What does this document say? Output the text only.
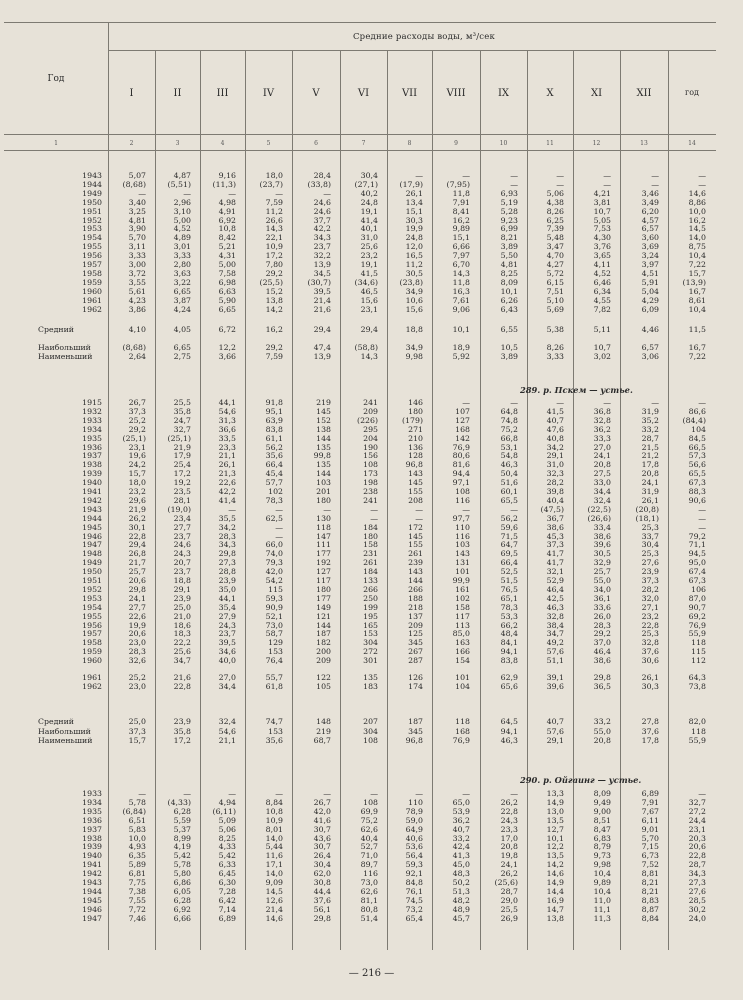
Средние расходы воды, м³/сек
Год
I	II	III	IV	V	VI	VII	VIII	IX	X	XI	XII	год
1	2	3	4	5	6	7	8	9	10	11	12	13	14
1943	5,07	4,87	9,16	18,0	28,4	30,4	—	—	—	—	—	—	—
1944	(8,68)	(5,51)	(11,3)	(23,7)	(33,8)	(27,1)	(17,9)	(7,95)	—	—	—	—	—
1949	—	—	—	—	—	40,2	26,1	11,8	6,93	5,06	4,21	3,46	14,6
1950	3,40	2,96	4,98	7,59	24,6	24,8	13,4	7,91	5,19	4,38	3,81	3,49	8,86
1951	3,25	3,10	4,91	11,2	24,6	19,1	15,1	8,41	5,28	8,26	10,7	6,20	10,0
1952	4,81	5,00	6,92	26,6	37,7	41,4	30,3	16,2	9,23	6,25	5,05	4,57	16,2
1953	3,90	4,52	10,8	14,3	42,2	40,1	19,9	9,89	6,99	7,39	7,53	6,57	14,5
1954	5,70	4,89	8,42	22,1	34,3	31,0	24,8	15,1	8,21	5,48	4,30	3,60	14,0
1955	3,11	3,01	5,21	10,9	23,7	25,6	12,0	6,66	3,89	3,47	3,76	3,69	8,75
1956	3,33	3,33	4,31	17,2	32,2	23,2	16,5	7,97	5,50	4,70	3,65	3,24	10,4
1957	3,00	2,80	5,00	7,80	13,9	19,1	11,2	6,70	4,81	4,27	4,11	3,97	7,22
1958	3,72	3,63	7,58	29,2	34,5	41,5	30,5	14,3	8,25	5,72	4,52	4,51	15,7
1959	3,55	3,22	6,98	(25,5)	(30,7)	(34,6)	(23,8)	11,8	8,09	6,15	6,46	5,91	(13,9)
1960	5,61	6,65	6,63	15,2	39,5	46,5	34,9	16,3	10,1	7,51	6,34	5,04	16,7
1961	4,23	3,87	5,90	13,8	21,4	15,6	10,6	7,61	6,26	5,10	4,55	4,29	8,61
1962	3,86	4,24	6,65	14,2	21,6	23,1	15,6	9,06	6,43	5,69	7,82	6,09	10,4
Средний	4,10	4,05	6,72	16,2	29,4	29,4	18,8	10,1	6,55	5,38	5,11	4,46	11,5
Наибольший	(8,68)	6,65	12,2	29,2	47,4	(58,8)	34,9	18,9	10,5	8,26	10,7	6,57	16,7
Наименьший	2,64	2,75	3,66	7,59	13,9	14,3	9,98	5,92	3,89	3,33	3,02	3,06	7,22
289. р. Пскем — устье.
1915	26,7	25,5	44,1	91,8	219	241	146	—	—	—	—	—	—
1932	37,3	35,8	54,6	95,1	145	209	180	107	64,8	41,5	36,8	31,9	86,6
1933	25,2	24,7	31,3	63,9	152	(226)	(179)	127	74,8	40,7	32,8	35,2	(84,4)
1934	29,2	32,7	36,6	83,8	138	295	271	168	75,2	47,6	36,2	33,2	104
1935	(25,1)	(25,1)	33,5	61,1	144	204	210	142	66,8	40,8	33,3	28,7	84,5
1936	23,1	21,9	23,3	56,2	135	190	136	76,9	53,1	34,2	27,0	21,5	66,5
1937	19,6	17,9	21,1	35,6	99,8	156	128	80,6	54,8	29,1	24,1	21,2	57,3
1938	24,2	25,4	26,1	66,4	135	108	96,8	81,6	46,3	31,0	20,8	17,8	56,6
1939	15,7	17,2	21,3	45,4	144	173	143	94,4	50,4	32,3	27,5	20,8	65,5
1940	18,0	19,2	22,6	57,7	103	198	145	97,1	51,6	28,2	33,0	24,1	67,3
1941	23,2	23,5	42,2	102	201	238	155	108	60,1	39,8	34,4	31,9	88,3
1942	29,6	28,1	41,4	78,3	180	241	208	116	65,5	40,4	32,4	26,1	90,6
1943	21,9	(19,0)	—	—	—	—	—	—	—	(47,5)	(22,5)	(20,8)	—
1944	26,2	23,4	35,5	62,5	130	—	—	97,7	56,2	36,7	(26,6)	(18,1)	—
1945	30,1	27,7	34,2	—	118	184	172	110	59,6	38,6	33,4	25,3	—
1946	22,8	23,7	28,3	—	147	180	145	116	71,5	45,3	38,6	33,7	79,2
1947	29,4	24,6	34,3	66,0	111	158	155	103	64,7	37,3	39,6	30,4	71,1
1948	26,8	24,3	29,8	74,0	177	231	261	143	69,5	41,7	30,5	25,3	94,5
1949	21,7	20,7	27,3	79,3	192	261	239	131	66,4	41,7	32,9	27,6	95,0
1950	25,7	23,7	28,8	42,0	127	184	143	101	52,5	32,1	25,7	23,9	67,4
1951	20,6	18,8	23,9	54,2	117	133	144	99,9	51,5	52,9	55,0	37,3	67,3
1952	29,8	29,1	35,0	115	180	266	266	161	76,5	46,4	34,0	28,2	106
1953	24,1	23,9	44,1	59,3	177	250	188	102	65,1	42,5	36,1	32,0	87,0
1954	27,7	25,0	35,4	90,9	149	199	218	158	78,3	46,3	33,6	27,1	90,7
1955	22,6	21,0	27,9	52,1	121	195	137	117	53,3	32,8	26,0	23,2	69,2
1956	19,9	18,6	24,3	73,0	144	165	209	113	66,2	38,4	28,3	22,8	76,9
1957	20,6	18,3	23,7	58,7	187	153	125	85,0	48,4	34,7	29,2	25,3	55,9
1958	23,0	22,2	39,5	129	182	304	345	163	84,1	49,2	37,0	32,8	118
1959	28,3	25,6	34,6	153	200	272	267	166	94,1	57,6	46,4	37,6	115
1960	32,6	34,7	40,0	76,4	209	301	287	154	83,8	51,1	38,6	30,6	112
1961	25,2	21,6	27,0	55,7	122	135	126	101	62,9	39,1	29,8	26,1	64,3
1962	23,0	22,8	34,4	61,8	105	183	174	104	65,6	39,6	36,5	30,3	73,8
Средний	25,0	23,9	32,4	74,7	148	207	187	118	64,5	40,7	33,2	27,8	82,0
Наибольший	37,3	35,8	54,6	153	219	304	345	168	94,1	57,6	55,0	37,6	118
Наименьший	15,7	17,2	21,1	35,6	68,7	108	96,8	76,9	46,3	29,1	20,8	17,8	55,9
290. р. Ойгаинг — устье.
1933	—	—	—	—	—	—	—	—	—	13,3	8,09	6,89	—
1934	5,78	(4,33)	4,94	8,84	26,7	108	110	65,0	26,2	14,9	9,49	7,91	32,7
1935	(6,84)	6,28	(6,11)	10,8	42,0	69,9	78,9	53,9	22,8	13,0	9,00	7,67	27,2
1936	6,51	5,59	5,09	10,9	41,6	75,2	59,0	36,2	24,3	13,5	8,51	6,11	24,4
1937	5,83	5,37	5,06	8,01	30,7	62,6	64,9	40,7	23,3	12,7	8,47	9,01	23,1
1938	10,0	8,99	8,25	14,0	43,6	40,4	40,6	33,2	17,0	10,1	6,83	5,70	20,3
1939	4,93	4,19	4,33	5,44	30,7	52,7	53,6	42,4	20,8	12,2	8,79	7,15	20,6
1940	6,35	5,42	5,42	11,6	26,4	71,0	56,4	41,3	19,8	13,5	9,73	6,73	22,8
1941	5,89	5,78	6,33	17,1	30,4	89,7	59,3	45,0	24,1	14,2	9,98	7,52	28,7
1942	6,81	5,80	6,45	14,0	62,0	116	92,1	48,3	26,2	14,6	10,4	8,81	34,3
1943	7,75	6,86	6,30	9,09	30,8	73,0	84,8	50,2	(25,6)	14,9	9,89	8,21	27,3
1944	7,38	6,05	7,28	14,5	44,4	62,6	76,1	51,3	28,7	14,4	10,4	8,21	27,6
1945	7,55	6,28	6,42	12,6	37,6	81,1	74,5	48,2	29,0	16,9	11,0	8,83	28,5
1946	7,72	6,92	7,14	21,4	56,1	80,8	73,2	48,9	25,5	14,7	11,1	8,87	30,2
1947	7,46	6,66	6,89	14,6	29,8	51,4	65,4	45,7	26,9	13,8	11,3	8,84	24,0
— 216 —
